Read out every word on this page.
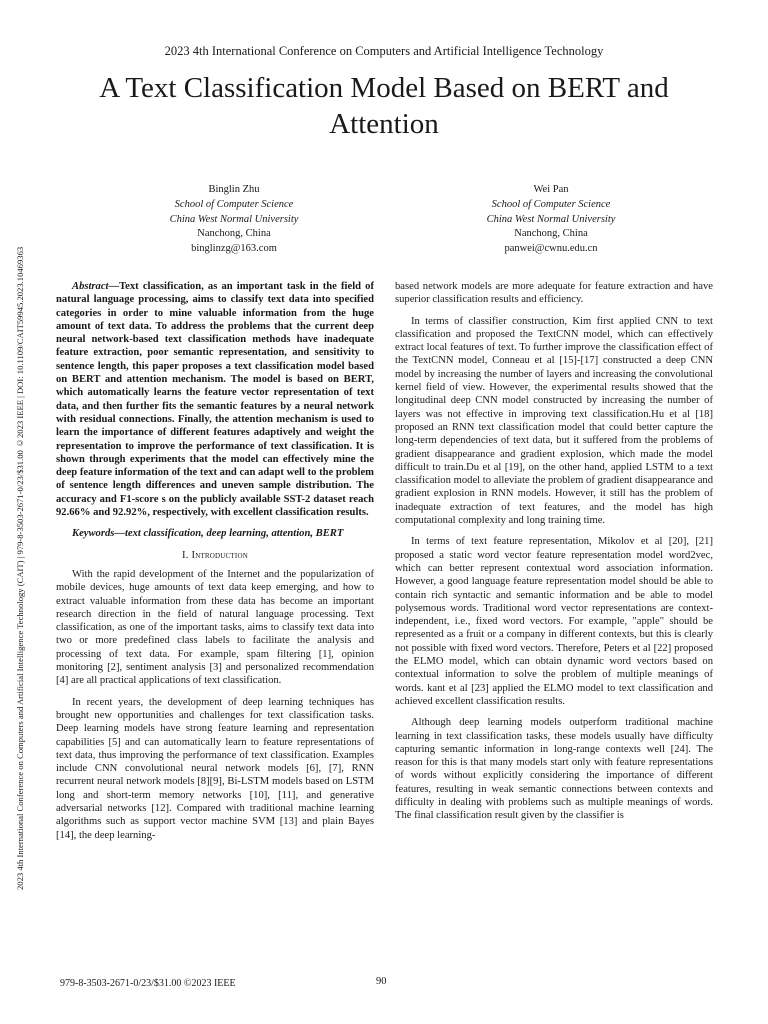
2023 4th International Conference on Computers and Artificial Intelligence Technology
A Text Classification Model Based on BERT and Attention
2023 4th International Conference on Computers and Artificial Intelligence Technology (CAIT) | 979-8-3503-2671-0/23/$31.00 ©2023 IEEE | DOI: 10.1109/CAIT59945.2023.10469363
Binglin Zhu
School of Computer Science
China West Normal University
Nanchong, China
binglinzg@163.com
Wei Pan
School of Computer Science
China West Normal University
Nanchong, China
panwei@cwnu.edu.cn

Abstract—Text classification, as an important task in the field of natural language processing, aims to classify text data into specified categories in order to mine valuable information from the huge amount of text data. To address the problems that the current deep neural network-based text classification methods have inadequate feature extraction, poor semantic representation, and sensitivity to sentence length, this paper proposes a text classification model based on BERT and attention mechanism. The model is based on BERT, which automatically learns the feature vector representation of text data, and then further fits the semantic features by a neural network with residual connections. Finally, the attention mechanism is used to learn the importance of different features adaptively and weight the representation to improve the performance of text classification. It is shown through experiments that the model can effectively mine the deep feature information of the text and can adapt well to the problem of sentence length differences and uneven sample distribution. The accuracy and F1-score s on the publicly available SST-2 dataset reach 92.66% and 92.92%, respectively, with excellent classification results.

Keywords—text classification, deep learning, attention, BERT

I. Introduction

With the rapid development of the Internet and the popularization of mobile devices, huge amounts of text data keep emerging, and how to extract valuable information from these data has become an important research direction in the field of natural language processing. Text classification, as one of the important tasks, aims to classify text data into two or more predefined class labels to facilitate the analysis and processing of text data. For example, spam filtering [1], opinion monitoring [2], sentiment analysis [3] and personalized recommendation [4] are all practical applications of text classification.

In recent years, the development of deep learning techniques has brought new opportunities and challenges for text classification tasks. Deep learning models have strong feature learning and representation capabilities [5] and can automatically learn to feature representations of text data, thus improving the performance of text classification. Examples include CNN convolutional neural network models [6], [7], RNN recurrent neural network models [8][9], Bi-LSTM models based on LSTM long and short-term memory networks [10], [11], and generative adversarial networks [12]. Compared with traditional machine learning algorithms such as support vector machine SVM [13] and plain Bayes [14], the deep learning-

based network models are more adequate for feature extraction and have superior classification results and efficiency.

In terms of classifier construction, Kim first applied CNN to text classification and proposed the TextCNN model, which can effectively extract local features of text. To further improve the classification effect of the TextCNN model, Conneau et al [15]-[17] constructed a deep CNN model by increasing the number of layers and increasing the convolutional kernel field of view. However, the experimental results showed that the longitudinal deep CNN model constructed by increasing the number of layers was not effective in improving text classification.Hu et al [18] proposed an RNN text classification model that could better capture the long-term dependencies of text data, but it suffered from the problems of gradient disappearance and gradient explosion, which made the model difficult to train.Du et al [19], on the other hand, applied LSTM to a text classification model to alleviate the problem of gradient disappearance and gradient explosion in RNN models. However, it still has the problem of inadequate extraction of text features, and the model has high computational complexity and long training time.

In terms of text feature representation, Mikolov et al [20], [21] proposed a static word vector feature representation model word2vec, which can better represent contextual word association information. However, a good language feature representation model should be able to contain rich syntactic and semantic information and be able to model polysemous words. Traditional word vector representations are context-independent, i.e., fixed word vectors. For example, "apple" should be represented as a fruit or a company in different contexts, but this is clearly not possible with fixed word vectors. Therefore, Peters et al [22] proposed the ELMO model, which can obtain dynamic word vectors based on contextual information to solve the problem of multiple meanings of words. kant et al [23] applied the ELMO model to text classification and achieved excellent classification results.

Although deep learning models outperform traditional machine learning in text classification tasks, these models usually have difficulty capturing semantic information in long-range contexts well [24]. The reason for this is that many models start only with feature representations of words without explicitly considering the importance of different features, resulting in weak semantic connections between contexts and difficulty in dealing with problems such as multiple meanings of words. The final classification result given by the classifier is

979-8-3503-2671-0/23/$31.00 ©2023 IEEE	90
